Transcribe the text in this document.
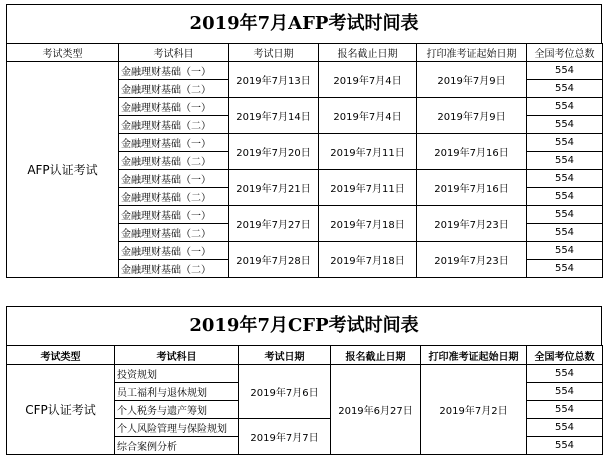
2019年7月AFP考试时间表
考试类型	考试科目	考试日期	报名截止日期	打印准考证起始日期	全国考位总数
AFP认证考试	金融理财基础（一）	2019年7月13日	2019年7月4日	2019年7月9日	554
	金融理财基础（二）				554
	金融理财基础（一）	2019年7月14日	2019年7月4日	2019年7月9日	554
	金融理财基础（二）				554
	金融理财基础（一）	2019年7月20日	2019年7月11日	2019年7月16日	554
	金融理财基础（二）				554
	金融理财基础（一）	2019年7月21日	2019年7月11日	2019年7月16日	554
	金融理财基础（二）				554
	金融理财基础（一）	2019年7月27日	2019年7月18日	2019年7月23日	554
	金融理财基础（二）				554
	金融理财基础（一）	2019年7月28日	2019年7月18日	2019年7月23日	554
	金融理财基础（二）				554
2019年7月CFP考试时间表
考试类型	考试科目	考试日期	报名截止日期	打印准考证起始日期	全国考位总数
CFP认证考试	投资规划	2019年7月6日	2019年6月27日	2019年7月2日	554
	员工福利与退休规划				554
	个人税务与遗产筹划				554
	个人风险管理与保险规划	2019年7月7日			554
	综合案例分析				554
